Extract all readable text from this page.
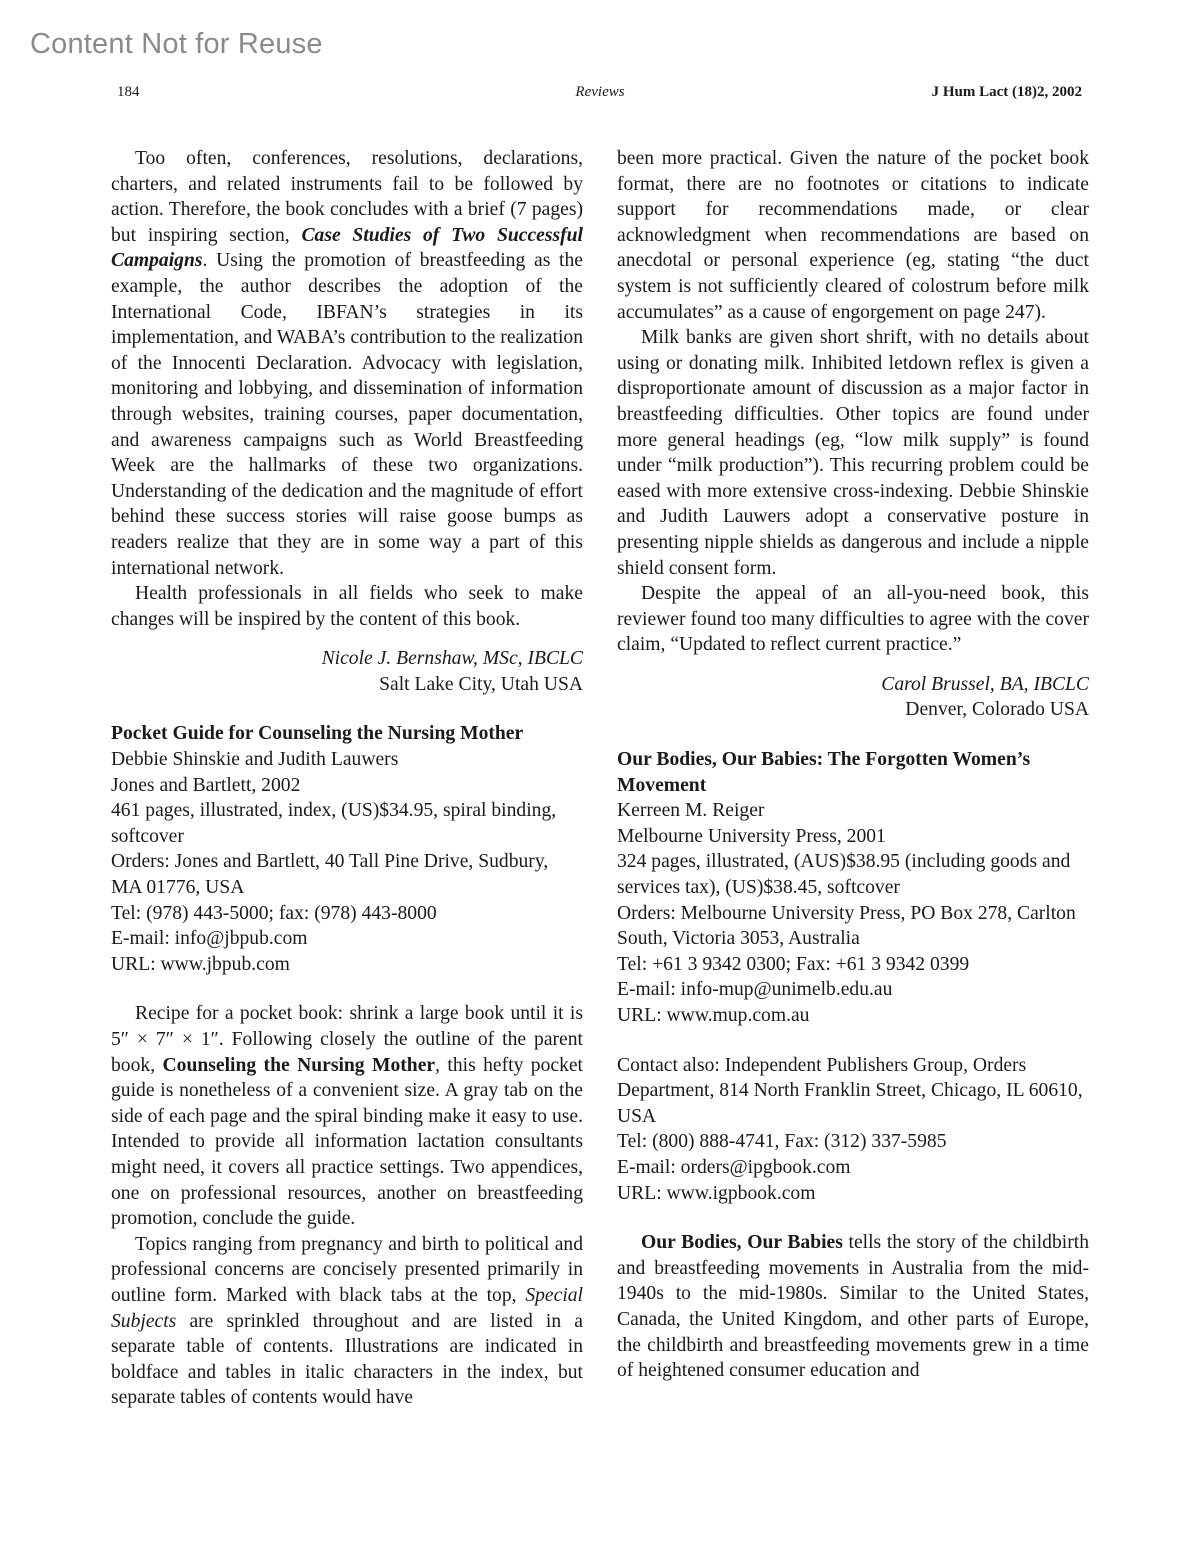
Content Not for Reuse
184	Reviews	J Hum Lact (18)2, 2002

Too often, conferences, resolutions, declarations, charters, and related instruments fail to be followed by action. Therefore, the book concludes with a brief (7 pages) but inspiring section, Case Studies of Two Successful Campaigns. Using the promotion of breastfeeding as the example, the author describes the adoption of the International Code, IBFAN’s strategies in its implementation, and WABA’s contribution to the realization of the Innocenti Declaration. Advocacy with legislation, monitoring and lobbying, and dissemination of information through websites, training courses, paper documentation, and awareness campaigns such as World Breastfeeding Week are the hallmarks of these two organizations. Understanding of the dedication and the magnitude of effort behind these success stories will raise goose bumps as readers realize that they are in some way a part of this international network.

Health professionals in all fields who seek to make changes will be inspired by the content of this book.

Nicole J. Bernshaw, MSc, IBCLC
Salt Lake City, Utah USA
Pocket Guide for Counseling the Nursing Mother
Debbie Shinskie and Judith Lauwers
Jones and Bartlett, 2002
461 pages, illustrated, index, (US)$34.95, spiral binding, softcover
Orders: Jones and Bartlett, 40 Tall Pine Drive, Sudbury, MA 01776, USA
Tel: (978) 443-5000; fax: (978) 443-8000
E-mail: info@jbpub.com
URL: www.jbpub.com

Recipe for a pocket book: shrink a large book until it is 5″ × 7″ × 1″. Following closely the outline of the parent book, Counseling the Nursing Mother, this hefty pocket guide is nonetheless of a convenient size. A gray tab on the side of each page and the spiral binding make it easy to use. Intended to provide all information lactation consultants might need, it covers all practice settings. Two appendices, one on professional resources, another on breastfeeding promotion, conclude the guide.

Topics ranging from pregnancy and birth to political and professional concerns are concisely presented primarily in outline form. Marked with black tabs at the top, Special Subjects are sprinkled throughout and are listed in a separate table of contents. Illustrations are indicated in boldface and tables in italic characters in the index, but separate tables of contents would have

been more practical. Given the nature of the pocket book format, there are no footnotes or citations to indicate support for recommendations made, or clear acknowledgment when recommendations are based on anecdotal or personal experience (eg, stating “the duct system is not sufficiently cleared of colostrum before milk accumulates” as a cause of engorgement on page 247).

Milk banks are given short shrift, with no details about using or donating milk. Inhibited letdown reflex is given a disproportionate amount of discussion as a major factor in breastfeeding difficulties. Other topics are found under more general headings (eg, “low milk supply” is found under “milk production”). This recurring problem could be eased with more extensive cross-indexing. Debbie Shinskie and Judith Lauwers adopt a conservative posture in presenting nipple shields as dangerous and include a nipple shield consent form.

Despite the appeal of an all-you-need book, this reviewer found too many difficulties to agree with the cover claim, “Updated to reflect current practice.”

Carol Brussel, BA, IBCLC
Denver, Colorado USA
Our Bodies, Our Babies: The Forgotten Women’s Movement
Kerreen M. Reiger
Melbourne University Press, 2001
324 pages, illustrated, (AUS)$38.95 (including goods and services tax), (US)$38.45, softcover
Orders: Melbourne University Press, PO Box 278, Carlton South, Victoria 3053, Australia
Tel: +61 3 9342 0300; Fax: +61 3 9342 0399
E-mail: info-mup@unimelb.edu.au
URL: www.mup.com.au
Contact also: Independent Publishers Group, Orders Department, 814 North Franklin Street, Chicago, IL 60610, USA
Tel: (800) 888-4741, Fax: (312) 337-5985
E-mail: orders@ipgbook.com
URL: www.igpbook.com

Our Bodies, Our Babies tells the story of the childbirth and breastfeeding movements in Australia from the mid-1940s to the mid-1980s. Similar to the United States, Canada, the United Kingdom, and other parts of Europe, the childbirth and breastfeeding movements grew in a time of heightened consumer education and
